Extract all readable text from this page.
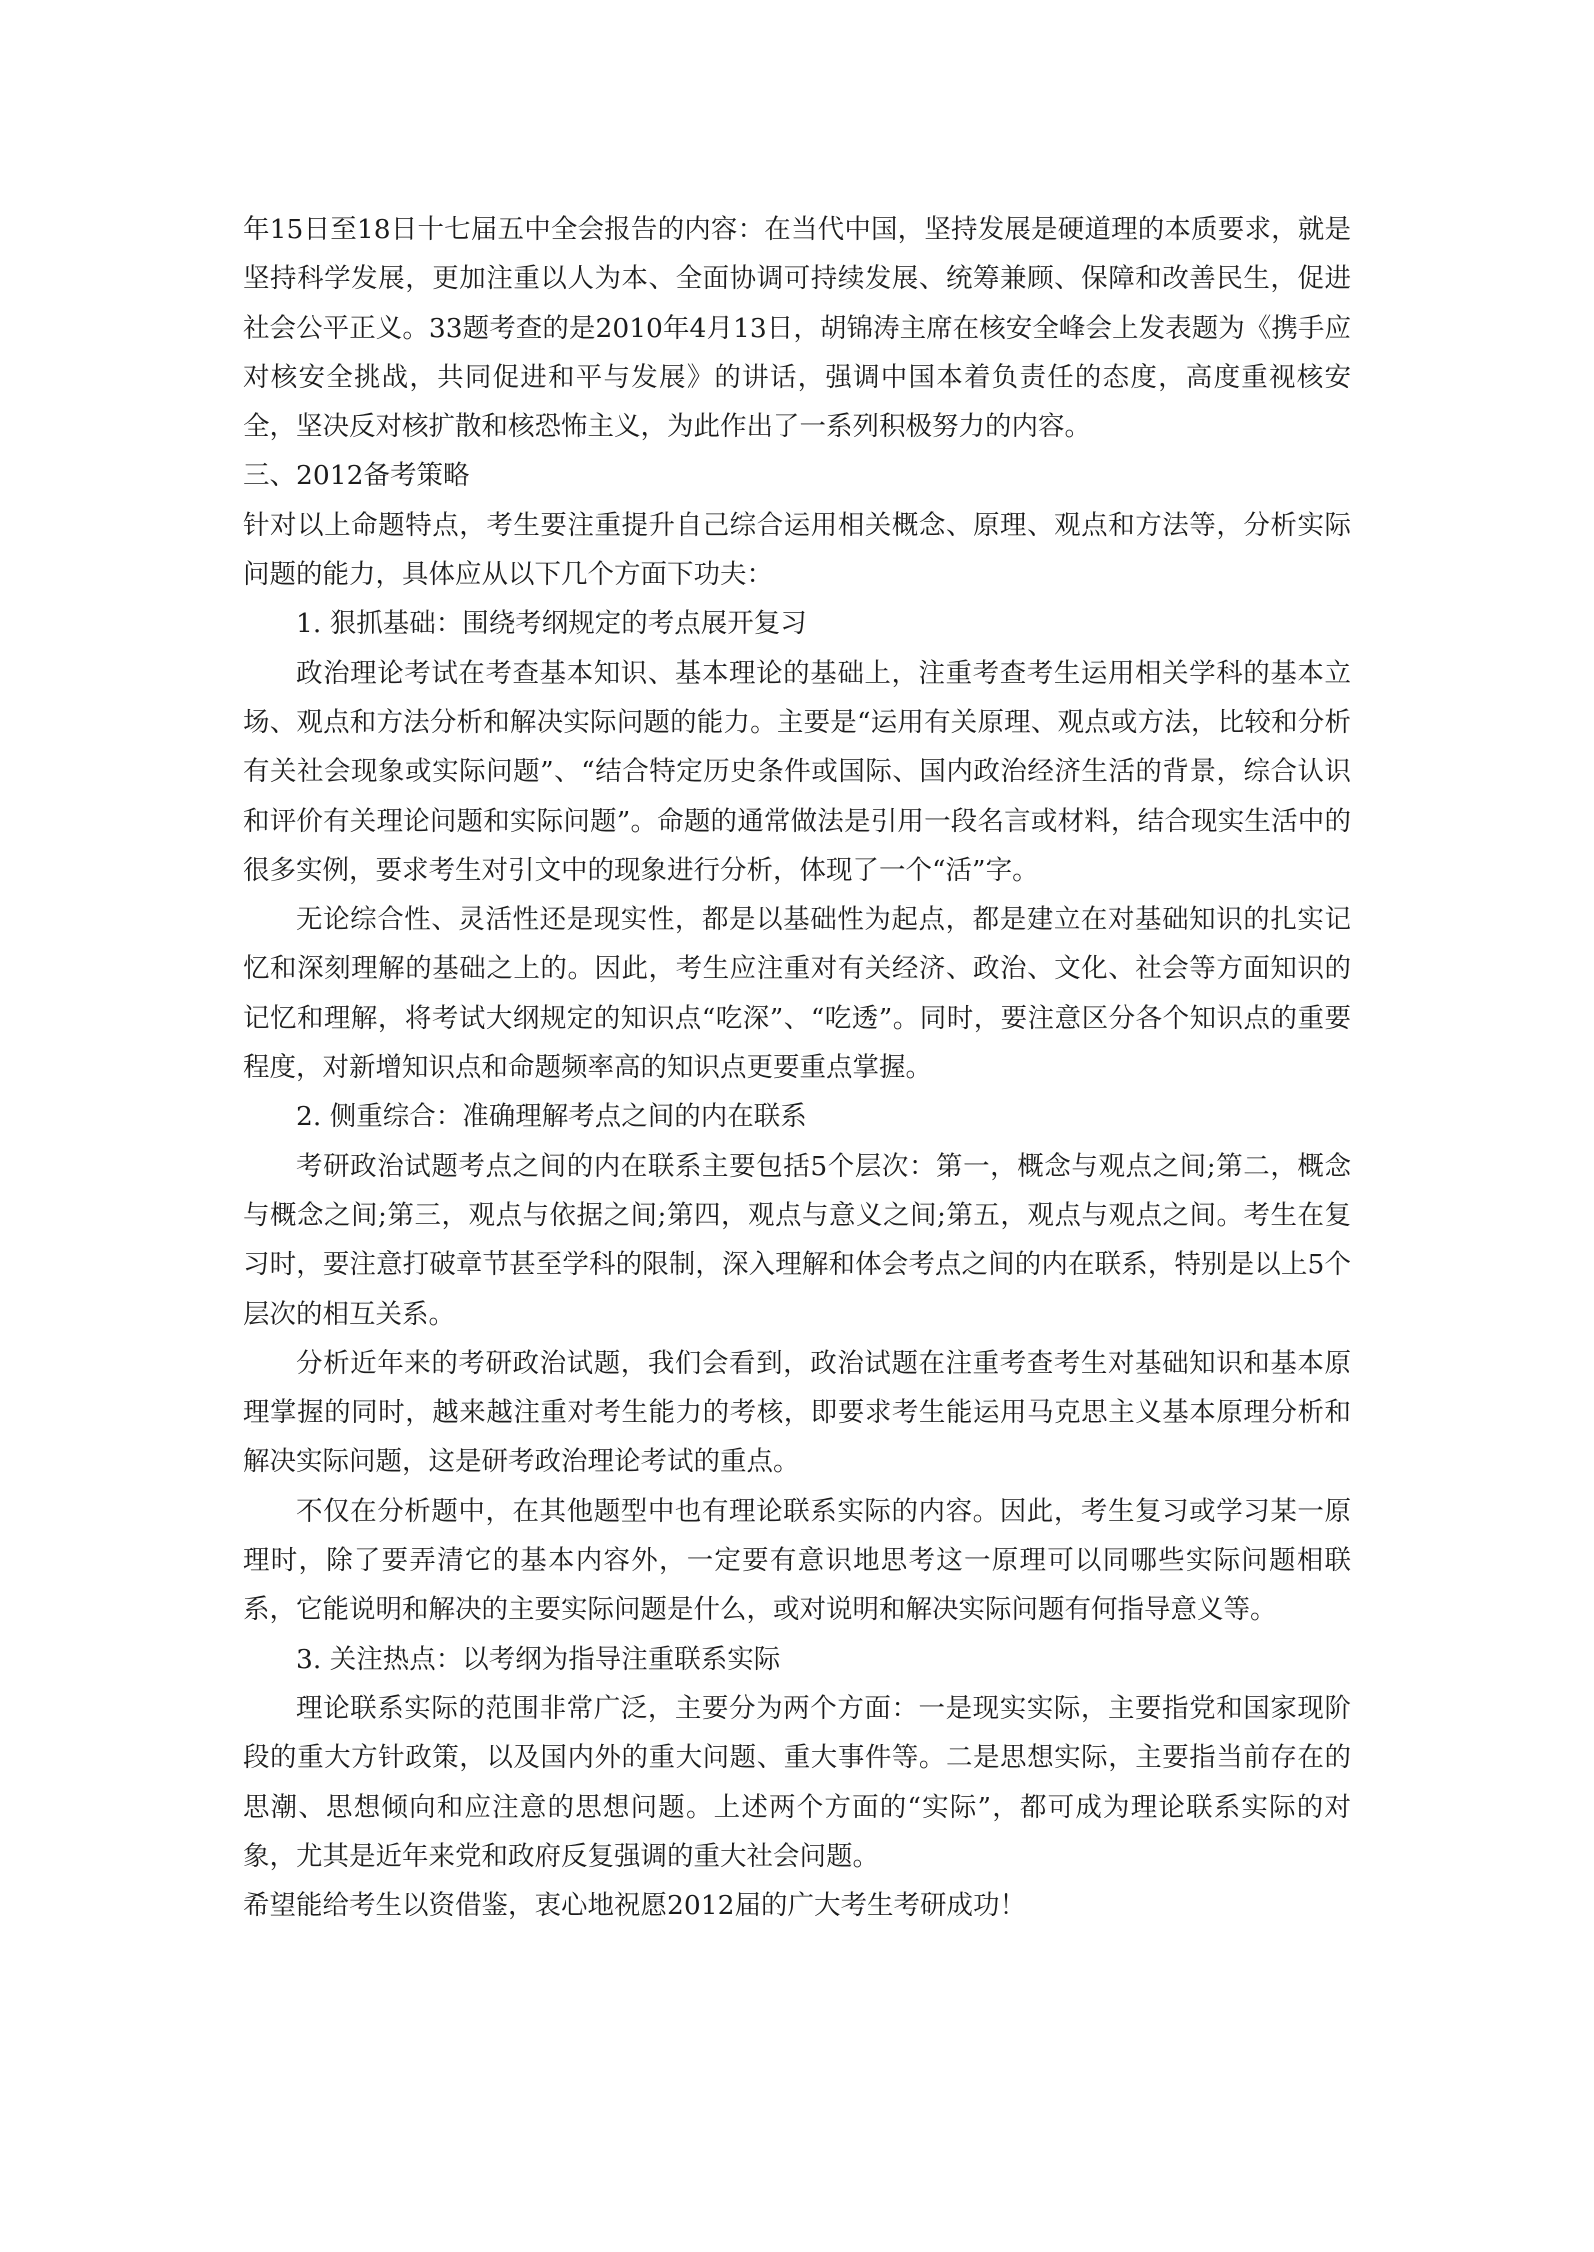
年15日至18日十七届五中全会报告的内容：在当代中国，坚持发展是硬道理的本质要求，就是坚持科学发展，更加注重以人为本、全面协调可持续发展、统筹兼顾、保障和改善民生，促进社会公平正义。33题考查的是2010年4月13日，胡锦涛主席在核安全峰会上发表题为《携手应对核安全挑战，共同促进和平与发展》的讲话，强调中国本着负责任的态度，高度重视核安全，坚决反对核扩散和核恐怖主义，为此作出了一系列积极努力的内容。

三、2012备考策略

针对以上命题特点，考生要注重提升自己综合运用相关概念、原理、观点和方法等，分析实际问题的能力，具体应从以下几个方面下功夫：

1. 狠抓基础：围绕考纲规定的考点展开复习

政治理论考试在考查基本知识、基本理论的基础上，注重考查考生运用相关学科的基本立场、观点和方法分析和解决实际问题的能力。主要是“运用有关原理、观点或方法，比较和分析有关社会现象或实际问题”、“结合特定历史条件或国际、国内政治经济生活的背景，综合认识和评价有关理论问题和实际问题”。命题的通常做法是引用一段名言或材料，结合现实生活中的很多实例，要求考生对引文中的现象进行分析，体现了一个“活”字。

无论综合性、灵活性还是现实性，都是以基础性为起点，都是建立在对基础知识的扎实记忆和深刻理解的基础之上的。因此，考生应注重对有关经济、政治、文化、社会等方面知识的记忆和理解，将考试大纲规定的知识点“吃深”、“吃透”。同时，要注意区分各个知识点的重要程度，对新增知识点和命题频率高的知识点更要重点掌握。

2. 侧重综合：准确理解考点之间的内在联系

考研政治试题考点之间的内在联系主要包括5个层次：第一，概念与观点之间;第二，概念与概念之间;第三，观点与依据之间;第四，观点与意义之间;第五，观点与观点之间。考生在复习时，要注意打破章节甚至学科的限制，深入理解和体会考点之间的内在联系，特别是以上5个层次的相互关系。

分析近年来的考研政治试题，我们会看到，政治试题在注重考查考生对基础知识和基本原理掌握的同时，越来越注重对考生能力的考核，即要求考生能运用马克思主义基本原理分析和解决实际问题，这是研考政治理论考试的重点。

不仅在分析题中，在其他题型中也有理论联系实际的内容。因此，考生复习或学习某一原理时，除了要弄清它的基本内容外，一定要有意识地思考这一原理可以同哪些实际问题相联系，它能说明和解决的主要实际问题是什么，或对说明和解决实际问题有何指导意义等。

3. 关注热点：以考纲为指导注重联系实际

理论联系实际的范围非常广泛，主要分为两个方面：一是现实实际，主要指党和国家现阶段的重大方针政策，以及国内外的重大问题、重大事件等。二是思想实际，主要指当前存在的思潮、思想倾向和应注意的思想问题。上述两个方面的“实际”，都可成为理论联系实际的对象，尤其是近年来党和政府反复强调的重大社会问题。

希望能给考生以资借鉴，衷心地祝愿2012届的广大考生考研成功！
